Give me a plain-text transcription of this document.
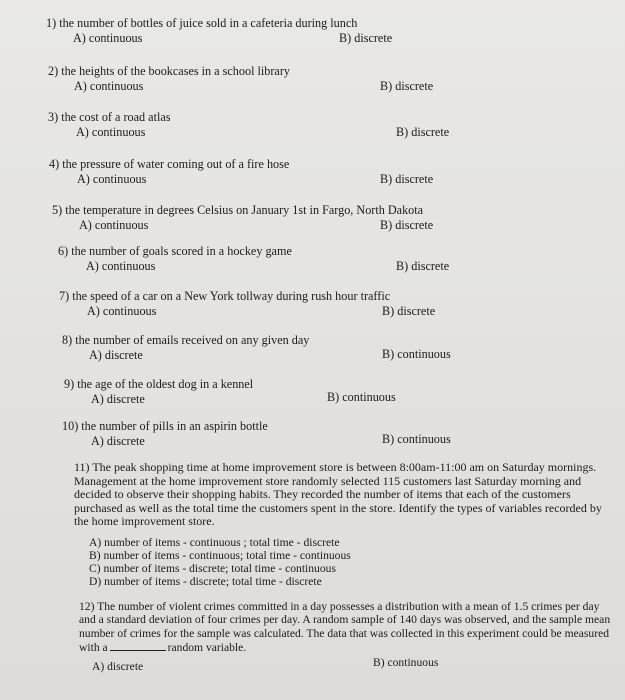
1) the number of bottles of juice sold in a cafeteria during lunch
A) continuous	B) discrete
2) the heights of the bookcases in a school library
A) continuous	B) discrete
3) the cost of a road atlas
A) continuous	B) discrete
4) the pressure of water coming out of a fire hose
A) continuous	B) discrete
5) the temperature in degrees Celsius on January 1st in Fargo, North Dakota
A) continuous	B) discrete
6) the number of goals scored in a hockey game
A) continuous	B) discrete
7) the speed of a car on a New York tollway during rush hour traffic
A) continuous	B) discrete
8) the number of emails received on any given day
A) discrete	B) continuous
9) the age of the oldest dog in a kennel
A) discrete	B) continuous
10) the number of pills in an aspirin bottle
A) discrete	B) continuous
11) The peak shopping time at home improvement store is between 8:00am-11:00 am on Saturday mornings. Management at the home improvement store randomly selected 115 customers last Saturday morning and decided to observe their shopping habits. They recorded the number of items that each of the customers purchased as well as the total time the customers spent in the store. Identify the types of variables recorded by the home improvement store.
A) number of items - continuous ; total time - discrete
B) number of items - continuous; total time - continuous
C) number of items - discrete; total time - continuous
D) number of items - discrete; total time - discrete
12) The number of violent crimes committed in a day possesses a distribution with a mean of 1.5 crimes per day and a standard deviation of four crimes per day. A random sample of 140 days was observed, and the sample mean number of crimes for the sample was calculated. The data that was collected in this experiment could be measured with a	random variable.
A) discrete	B) continuous
